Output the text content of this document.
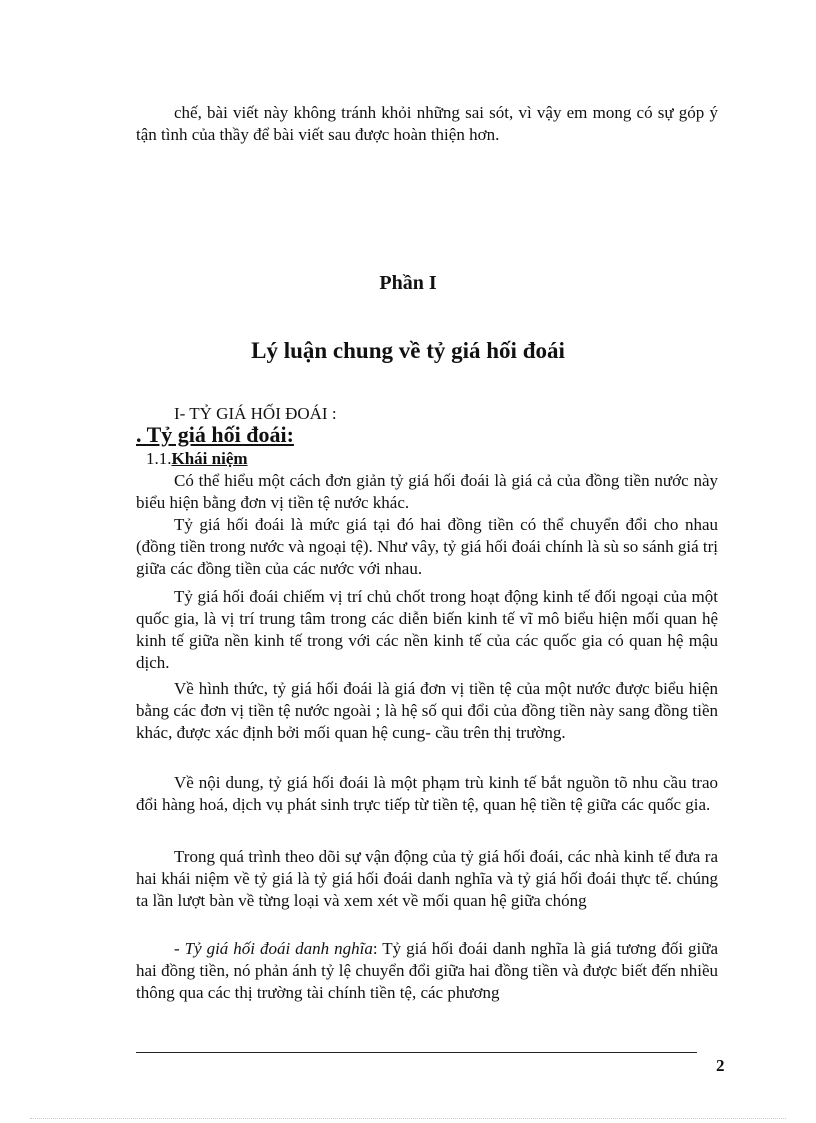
chế, bài viết này không tránh khỏi những sai sót, vì vậy em mong có sự góp ý tận tình của thầy để bài viết sau được hoàn thiện hơn.

Phần I

Lý luận chung về tỷ giá hối đoái

I- TỶ GIÁ HỐI ĐOÁI :

. Tỷ giá hối đoái:

1.1.Khái niệm

Có thể hiểu một cách đơn giản tỷ giá hối đoái là giá cả của đồng tiền nước này biểu hiện bằng đơn vị tiền tệ nước khác.

Tỷ giá hối đoái là mức giá tại đó hai đồng tiền có thể chuyển đổi cho nhau (đồng tiền trong nước và ngoại tệ). Như vây, tỷ giá hối đoái chính là sù so sánh giá trị giữa các đồng tiền của các nước với nhau.

Tỷ giá hối đoái chiếm vị trí chủ chốt trong hoạt động kinh tế đối ngoại của một quốc gia, là vị trí trung tâm trong các diễn biến kinh tế vĩ mô biểu hiện mối quan hệ kinh tế giữa nền kinh tế trong với các nền kinh tế của các quốc gia có quan hệ mậu dịch.

Về hình thức, tỷ giá hối đoái là giá đơn vị tiền tệ của một nước được biểu hiện bằng các đơn vị tiền tệ nước ngoài ; là hệ số qui đổi của đồng tiền này sang đồng tiền khác, được xác định bởi mối quan hệ cung- cầu trên thị trường.

Về nội dung, tỷ giá hối đoái là một phạm trù kinh tế bắt nguồn tõ nhu cầu trao đổi hàng hoá, dịch vụ phát sinh trực tiếp từ tiền tệ, quan hệ tiền tệ giữa các quốc gia.

Trong quá trình theo dõi sự vận động của tỷ giá hối đoái, các nhà kinh tế đưa ra hai khái niệm về tỷ giá là tỷ giá hối đoái danh nghĩa và tỷ giá hối đoái thực tế. chúng ta lần lượt bàn về từng loại và xem xét về mối quan hệ giữa chóng

- Tỷ giá hối đoái danh nghĩa: Tỷ giá hối đoái danh nghĩa là giá tương đối giữa hai đồng tiền, nó phản ánh tỷ lệ chuyển đổi giữa hai đồng tiền và được biết đến nhiều thông qua các thị trường tài chính tiền tệ, các phương

2
